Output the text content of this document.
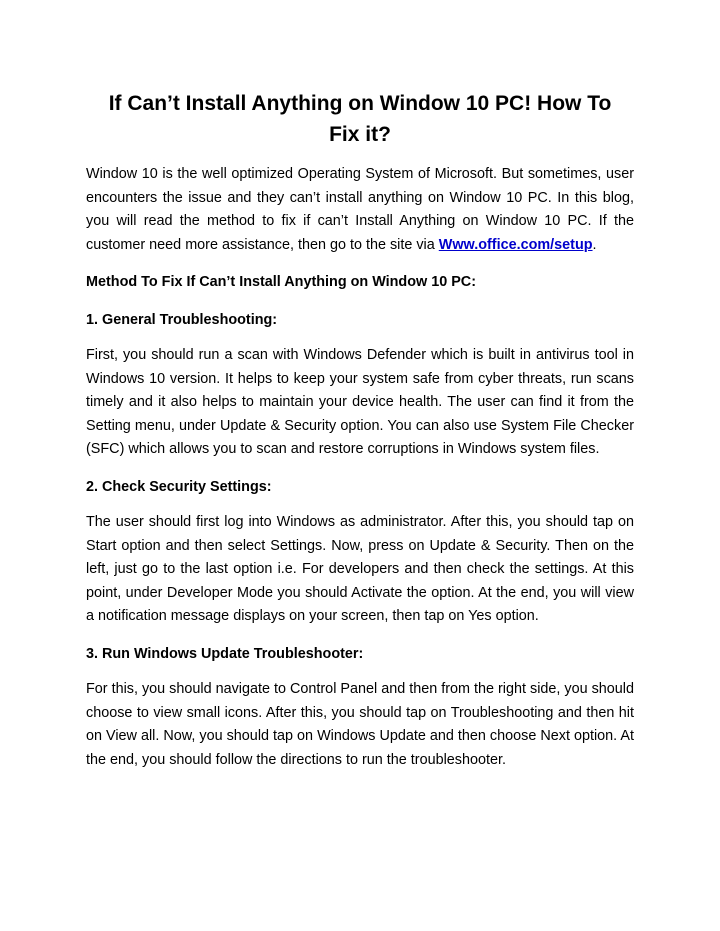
If Can’t Install Anything on Window 10 PC! How To Fix it?

Window 10 is the well optimized Operating System of Microsoft. But sometimes, user encounters the issue and they can’t install anything on Window 10 PC. In this blog, you will read the method to fix if can’t Install Anything on Window 10 PC. If the customer need more assistance, then go to the site via Www.office.com/setup.

Method To Fix If Can’t Install Anything on Window 10 PC:

1. General Troubleshooting:

First, you should run a scan with Windows Defender which is built in antivirus tool in Windows 10 version. It helps to keep your system safe from cyber threats, run scans timely and it also helps to maintain your device health. The user can find it from the Setting menu, under Update & Security option. You can also use System File Checker (SFC) which allows you to scan and restore corruptions in Windows system files.

2. Check Security Settings:

The user should first log into Windows as administrator. After this, you should tap on Start option and then select Settings. Now, press on Update & Security. Then on the left, just go to the last option i.e. For developers and then check the settings. At this point, under Developer Mode you should Activate the option. At the end, you will view a notification message displays on your screen, then tap on Yes option.

3. Run Windows Update Troubleshooter:

For this, you should navigate to Control Panel and then from the right side, you should choose to view small icons. After this, you should tap on Troubleshooting and then hit on View all. Now, you should tap on Windows Update and then choose Next option. At the end, you should follow the directions to run the troubleshooter.
